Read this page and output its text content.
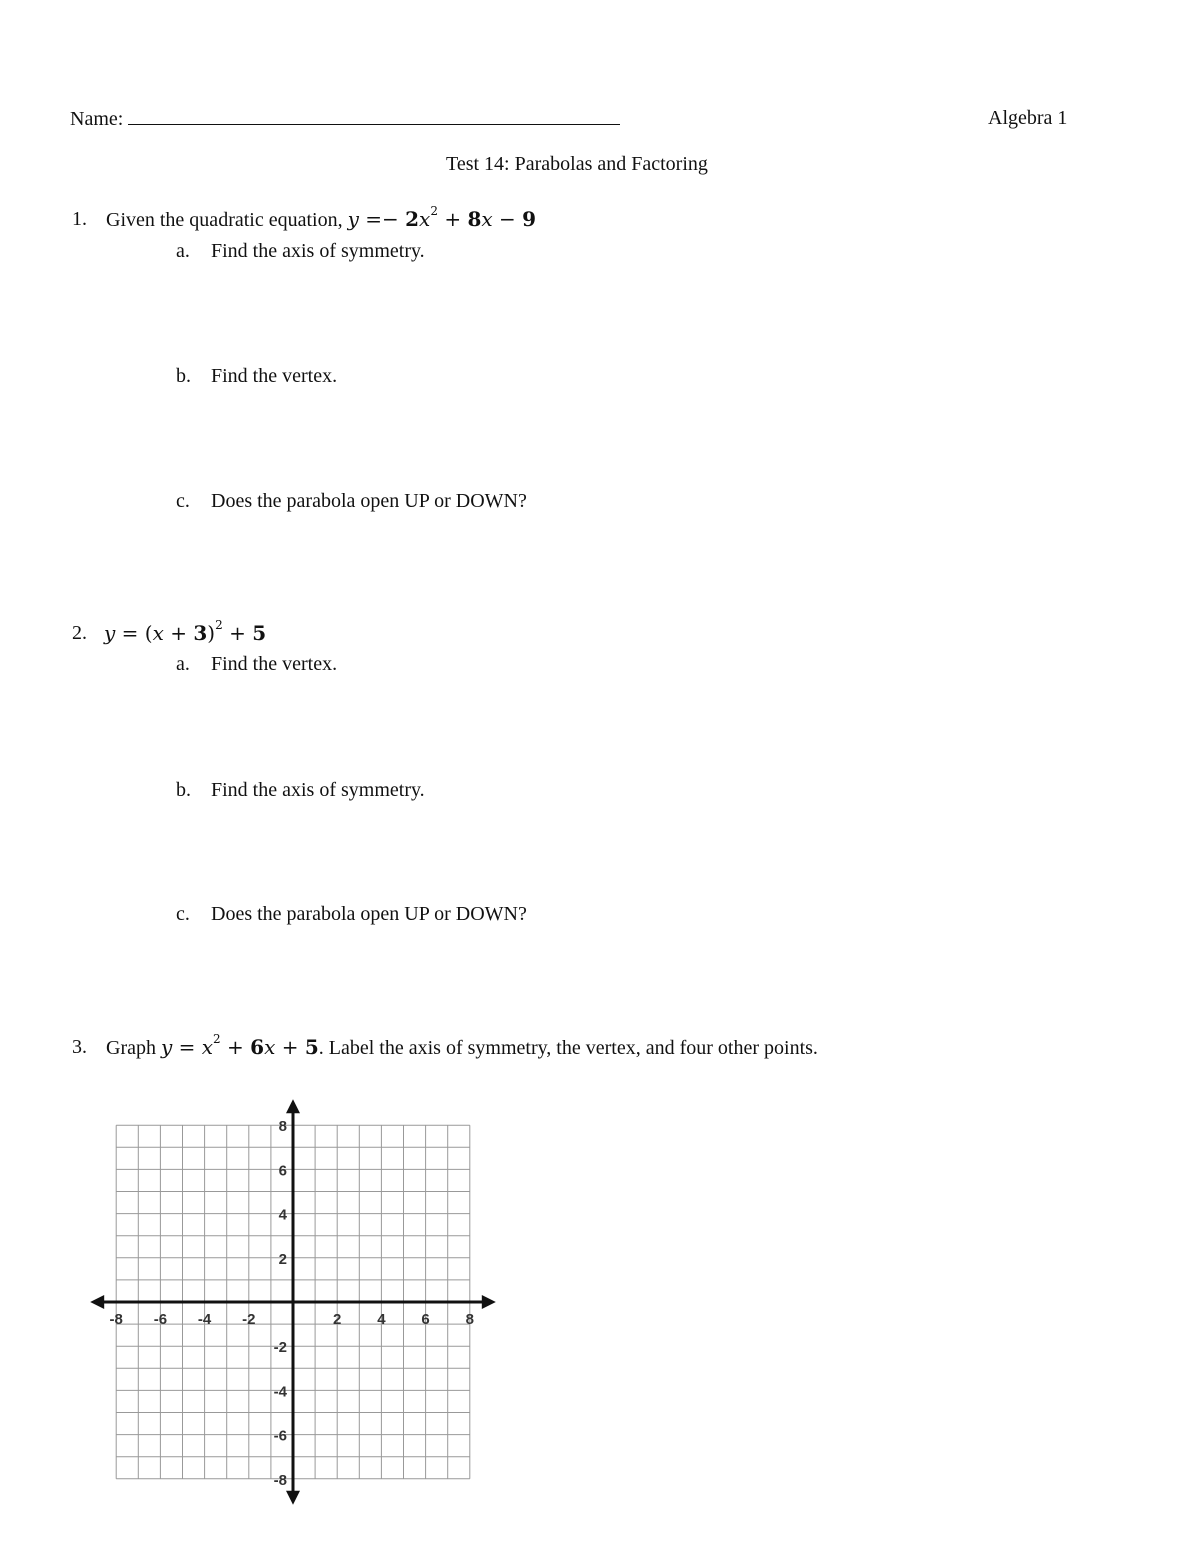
Name:	Algebra 1
Test 14: Parabolas and Factoring
1. Given the quadratic equation, $y =- 2x^2 + 8x - 9$
a. Find the axis of symmetry.
b. Find the vertex.
c. Does the parabola open UP or DOWN?
2. $y = (x + 3)^2 + 5$
a. Find the vertex.
b. Find the axis of symmetry.
c. Does the parabola open UP or DOWN?
3. Graph $y = x^2 + 6x + 5$. Label the axis of symmetry, the vertex, and four other points.
-8 -6 -4 -2	2 4 6 8
8
6
4
2
-2
-4
-6
-8
